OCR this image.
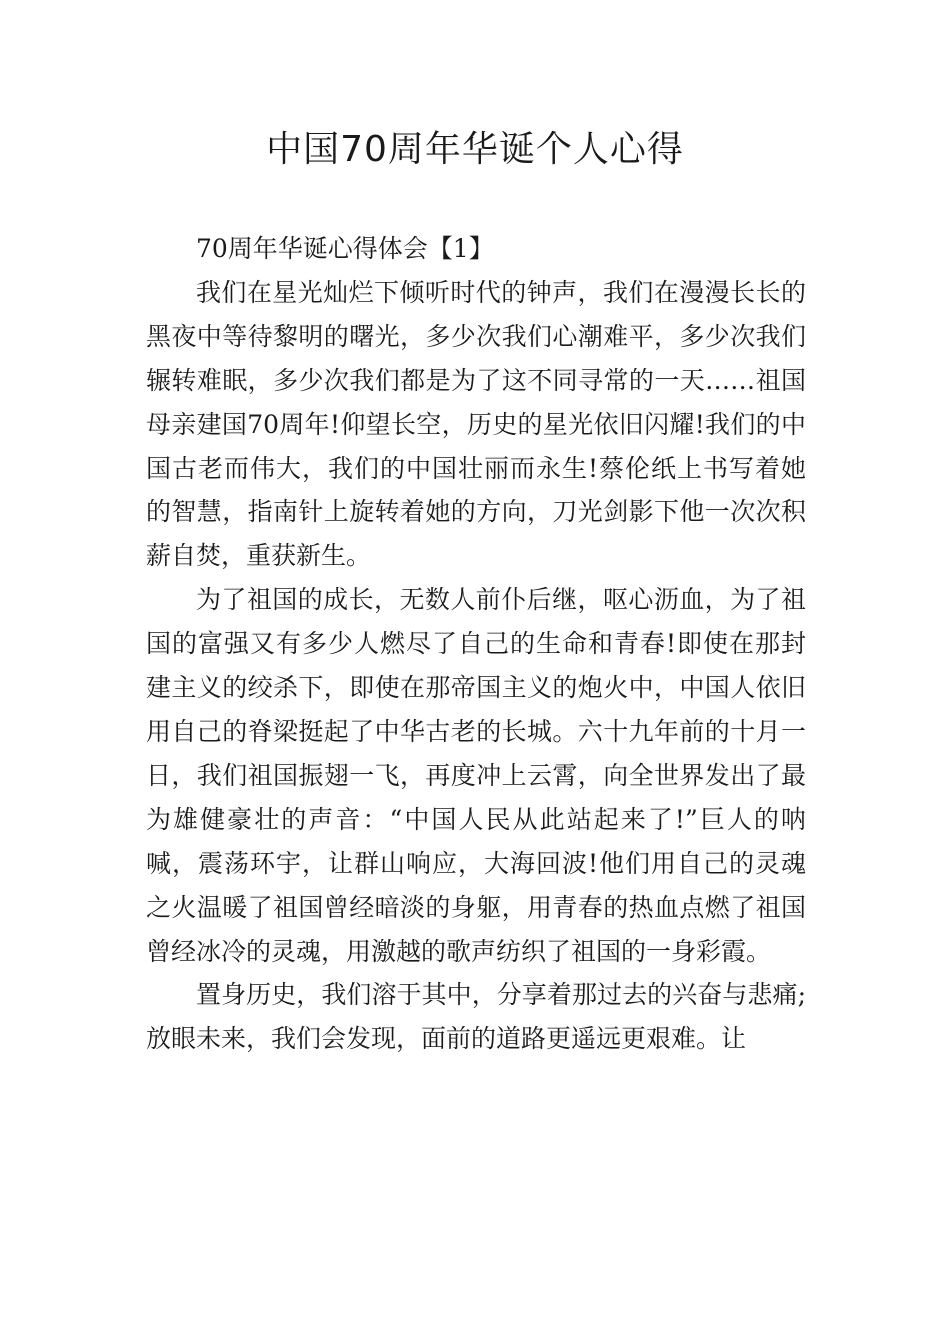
中国70周年华诞个人心得

70周年华诞心得体会【1】

我们在星光灿烂下倾听时代的钟声，我们在漫漫长长的黑夜中等待黎明的曙光，多少次我们心潮难平，多少次我们辗转难眠，多少次我们都是为了这不同寻常的一天……祖国母亲建国70周年!仰望长空，历史的星光依旧闪耀!我们的中国古老而伟大，我们的中国壮丽而永生!蔡伦纸上书写着她的智慧，指南针上旋转着她的方向，刀光剑影下他一次次积薪自焚，重获新生。

为了祖国的成长，无数人前仆后继，呕心沥血，为了祖国的富强又有多少人燃尽了自己的生命和青春!即使在那封建主义的绞杀下，即使在那帝国主义的炮火中，中国人依旧用自己的脊梁挺起了中华古老的长城。六十九年前的十月一日，我们祖国振翅一飞，再度冲上云霄，向全世界发出了最为雄健豪壮的声音：“中国人民从此站起来了!”巨人的呐喊，震荡环宇，让群山响应，大海回波!他们用自己的灵魂之火温暖了祖国曾经暗淡的身躯，用青春的热血点燃了祖国曾经冰冷的灵魂，用激越的歌声纺织了祖国的一身彩霞。

置身历史，我们溶于其中，分享着那过去的兴奋与悲痛;放眼未来，我们会发现，面前的道路更遥远更艰难。让
